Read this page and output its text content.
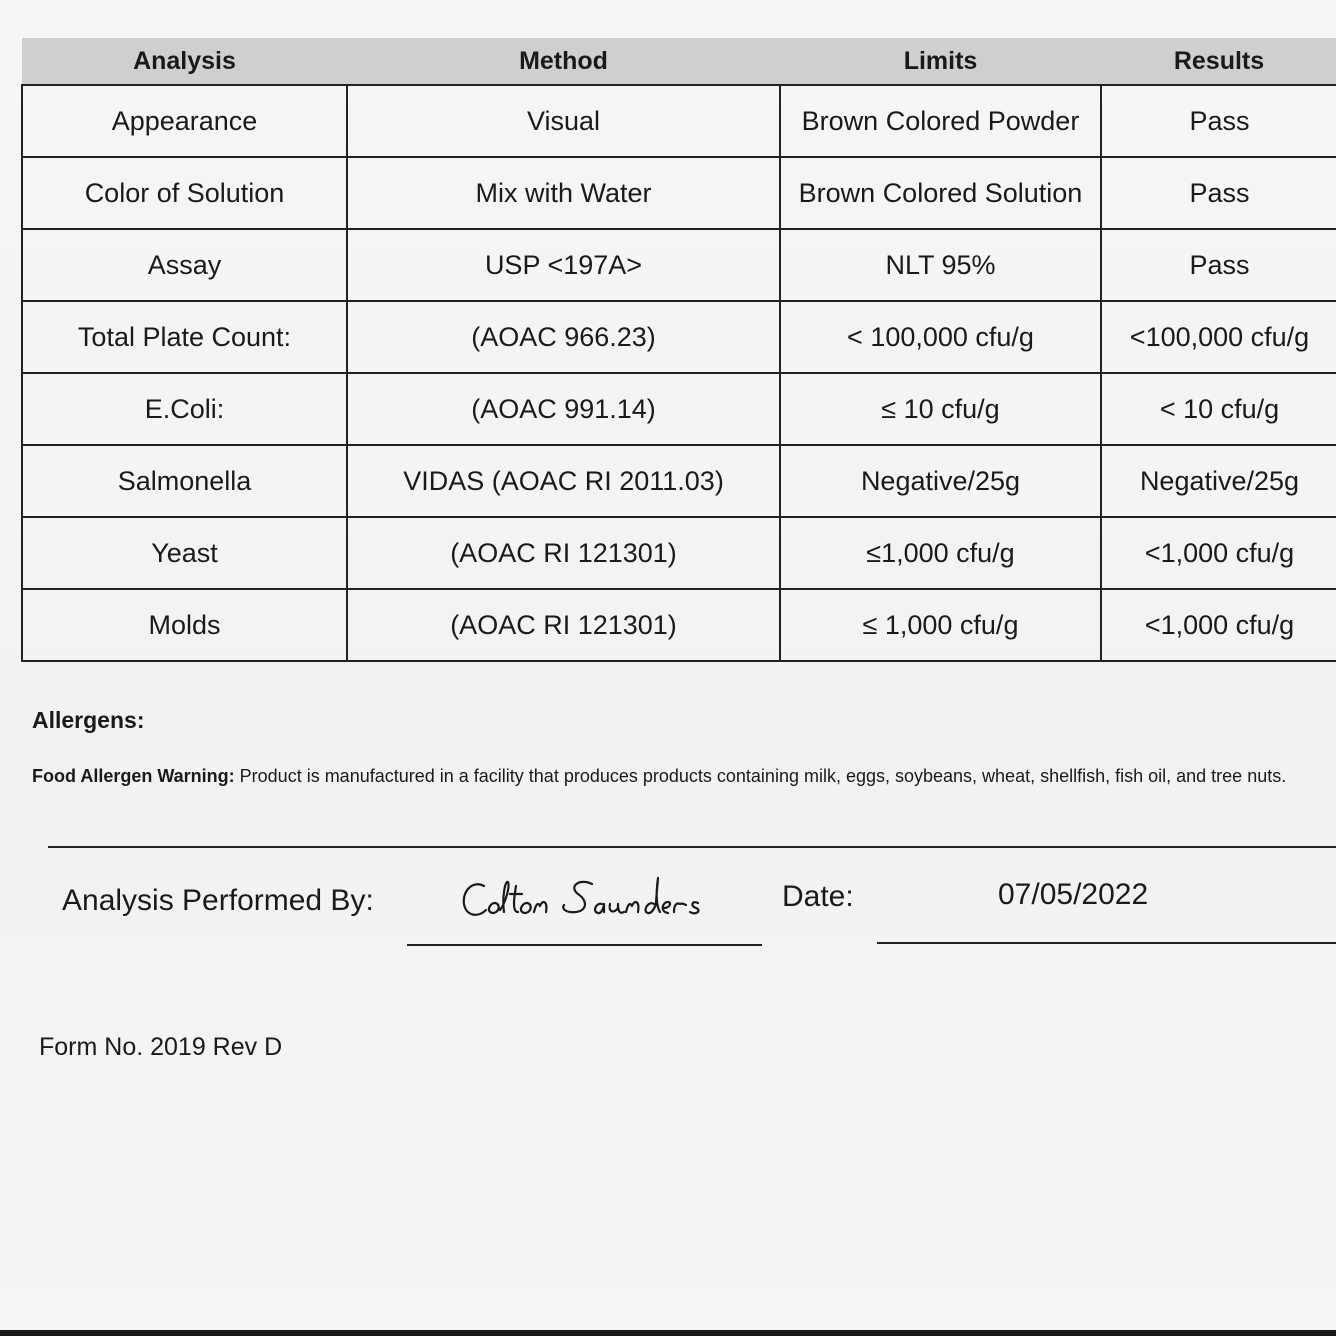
Analysis	Method	Limits	Results
Appearance	Visual	Brown Colored Powder	Pass
Color of Solution	Mix with Water	Brown Colored Solution	Pass
Assay	USP <197A>	NLT 95%	Pass
Total Plate Count:	(AOAC 966.23)	< 100,000 cfu/g	<100,000 cfu/g
E.Coli:	(AOAC 991.14)	≤ 10 cfu/g	< 10 cfu/g
Salmonella	VIDAS (AOAC RI 2011.03)	Negative/25g	Negative/25g
Yeast	(AOAC RI 121301)	≤1,000 cfu/g	<1,000 cfu/g
Molds	(AOAC RI 121301)	≤ 1,000 cfu/g	<1,000 cfu/g
Allergens:
Food Allergen Warning: Product is manufactured in a facility that produces products containing milk, eggs, soybeans, wheat, shellfish, fish oil, and tree nuts.
Analysis Performed By:	Date:	07/05/2022
Form No. 2019 Rev D
